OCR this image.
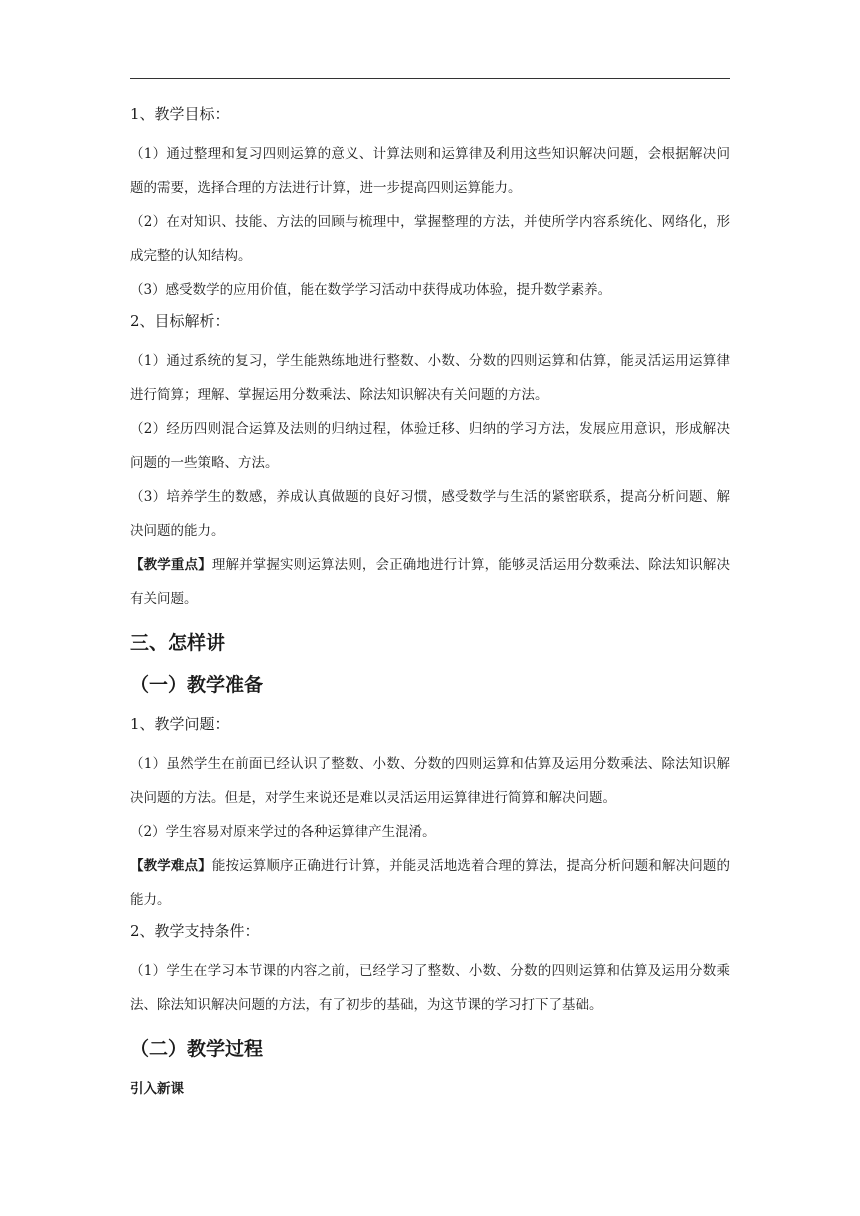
1、教学目标：

（1）通过整理和复习四则运算的意义、计算法则和运算律及利用这些知识解决问题，会根据解决问题的需要，选择合理的方法进行计算，进一步提高四则运算能力。

（2）在对知识、技能、方法的回顾与梳理中，掌握整理的方法，并使所学内容系统化、网络化，形成完整的认知结构。

（3）感受数学的应用价值，能在数学学习活动中获得成功体验，提升数学素养。

2、目标解析：

（1）通过系统的复习，学生能熟练地进行整数、小数、分数的四则运算和估算，能灵活运用运算律进行简算；理解、掌握运用分数乘法、除法知识解决有关问题的方法。

（2）经历四则混合运算及法则的归纳过程，体验迁移、归纳的学习方法，发展应用意识，形成解决问题的一些策略、方法。

（3）培养学生的数感，养成认真做题的良好习惯，感受数学与生活的紧密联系，提高分析问题、解决问题的能力。

【教学重点】理解并掌握实则运算法则，会正确地进行计算，能够灵活运用分数乘法、除法知识解决有关问题。

三、怎样讲

（一）教学准备

1、教学问题：

（1）虽然学生在前面已经认识了整数、小数、分数的四则运算和估算及运用分数乘法、除法知识解决问题的方法。但是，对学生来说还是难以灵活运用运算律进行简算和解决问题。

（2）学生容易对原来学过的各种运算律产生混淆。

【教学难点】能按运算顺序正确进行计算，并能灵活地选着合理的算法，提高分析问题和解决问题的能力。

2、教学支持条件：

（1）学生在学习本节课的内容之前，已经学习了整数、小数、分数的四则运算和估算及运用分数乘法、除法知识解决问题的方法，有了初步的基础，为这节课的学习打下了基础。

（二）教学过程

引入新课
